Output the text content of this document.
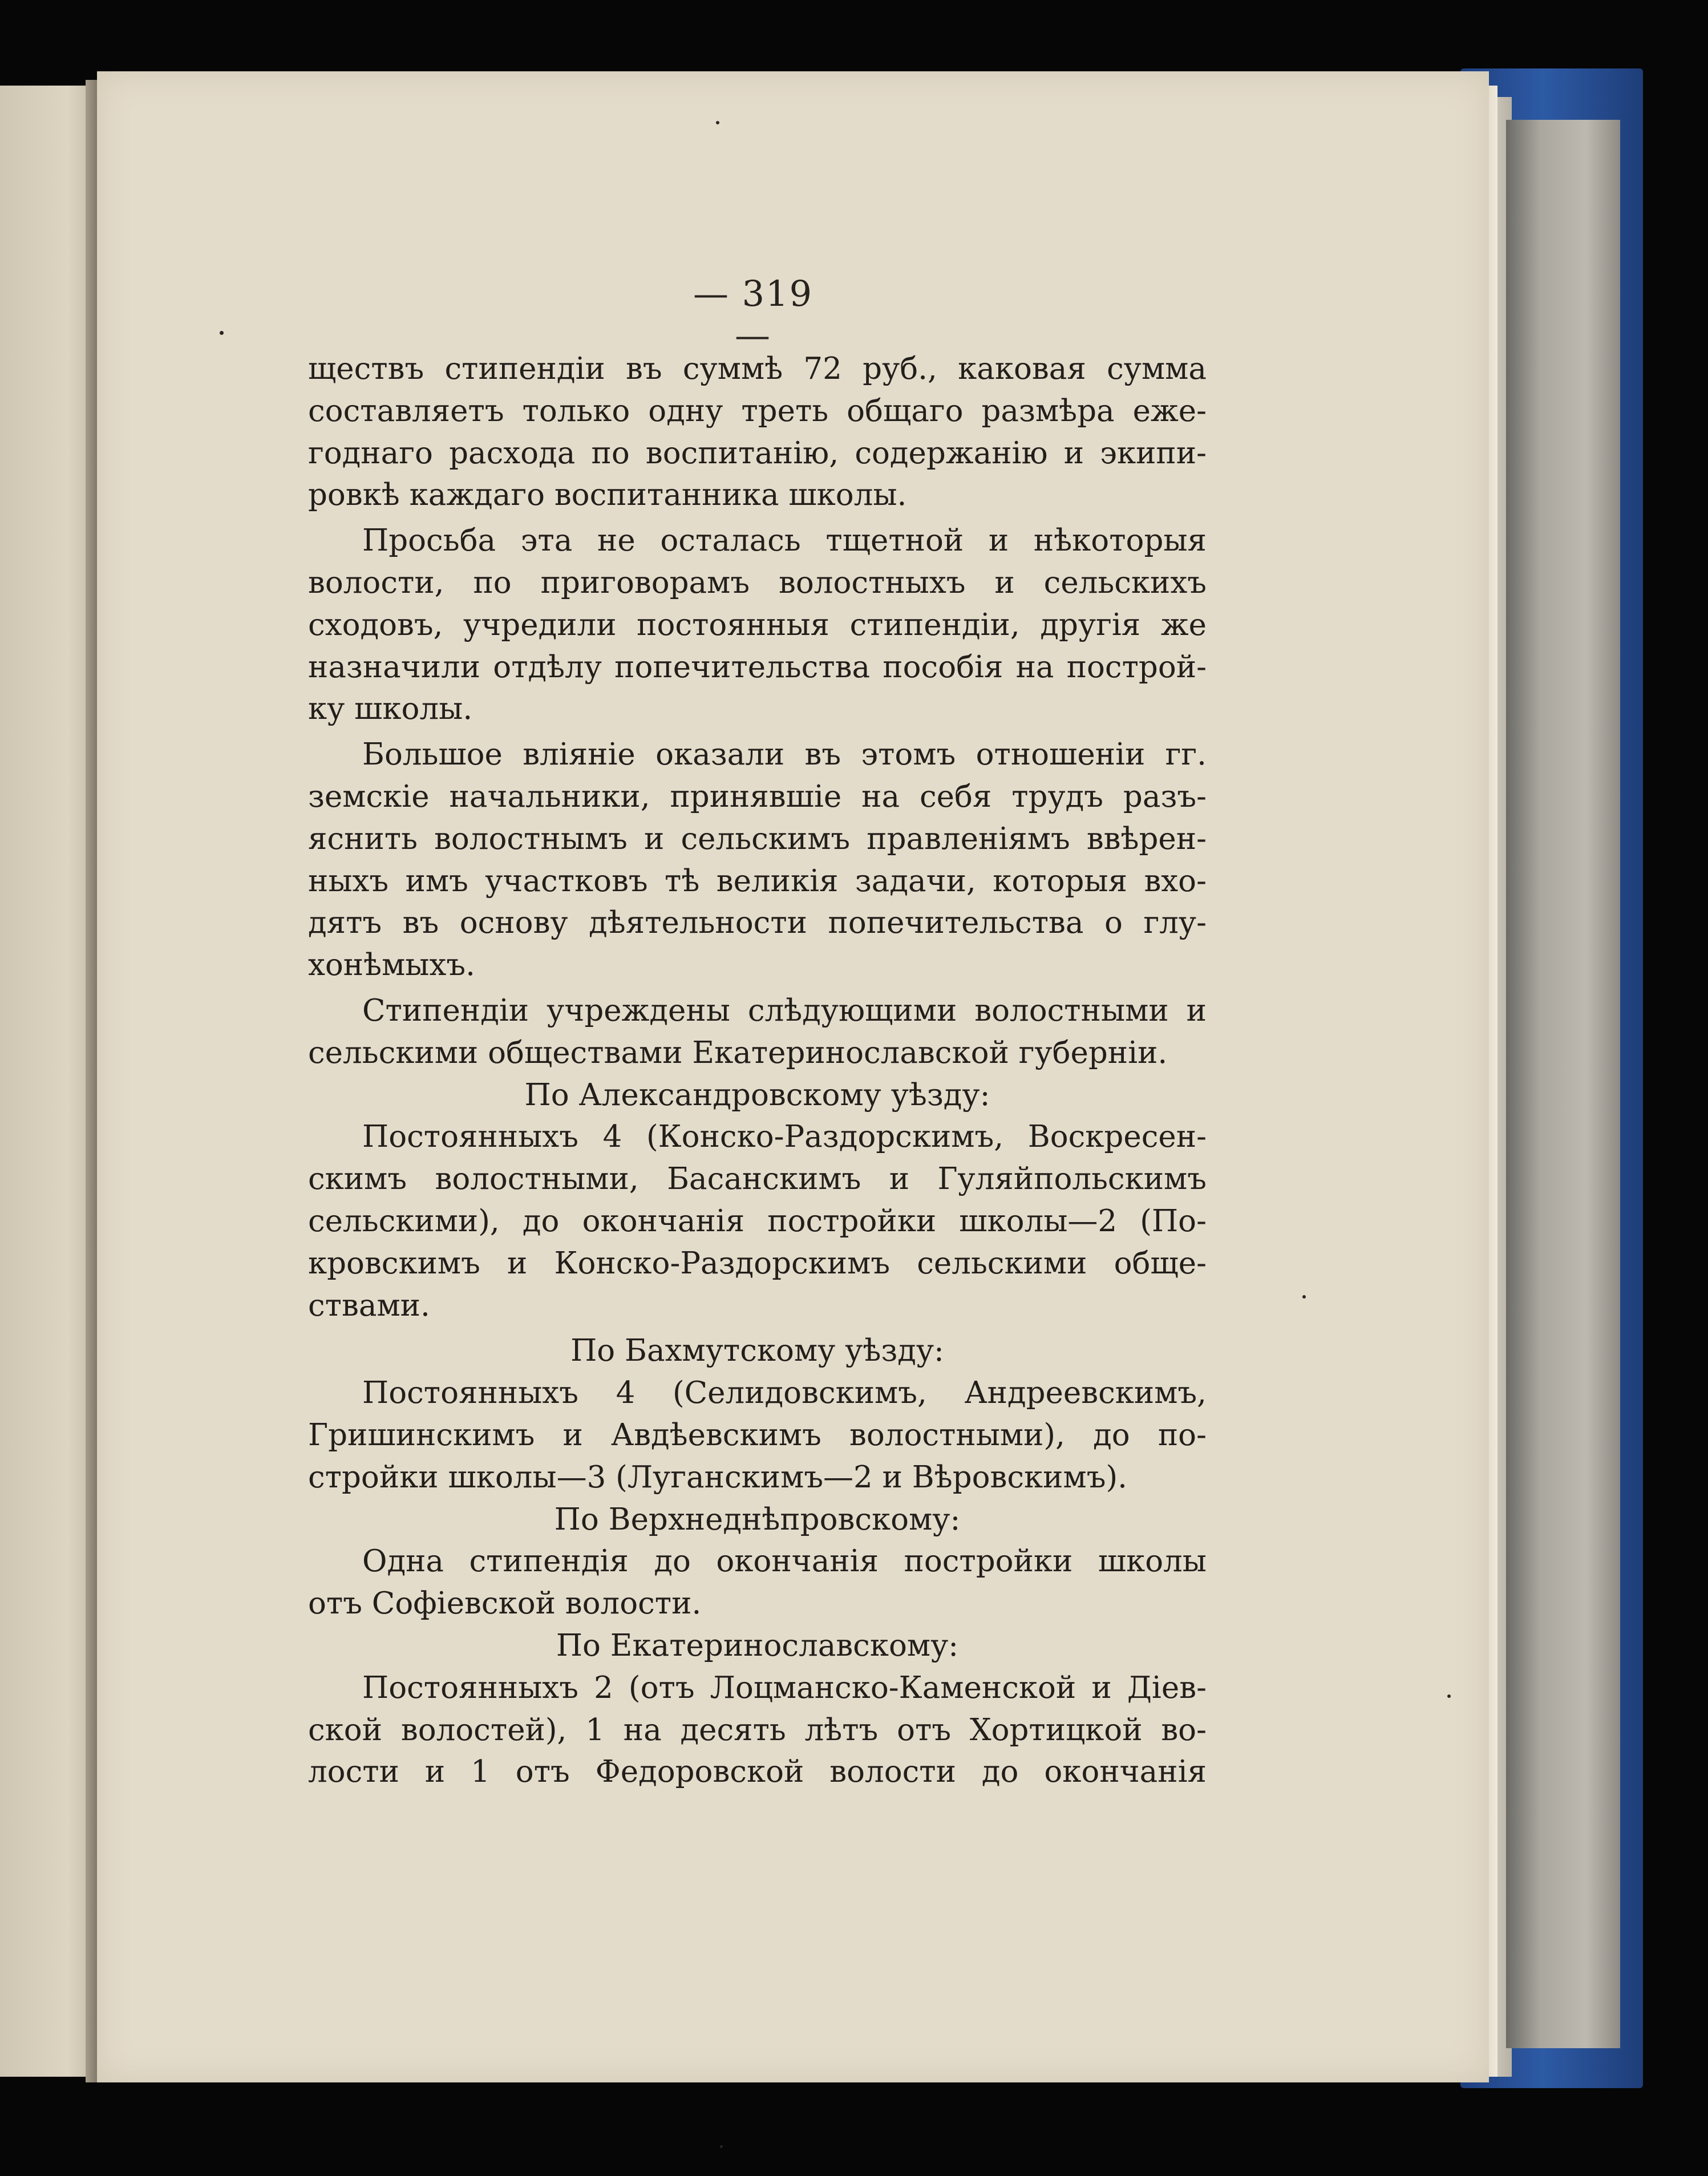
— 319 —
ществъ стипендіи въ суммѣ 72 руб., каковая сумма
составляетъ только одну треть общаго размѣра еже-
годнаго расхода по воспитанію, содержанію и экипи-
ровкѣ каждаго воспитанника школы.
Просьба эта не осталась тщетной и нѣкоторыя
волости, по приговорамъ волостныхъ и сельскихъ
сходовъ, учредили постоянныя стипендіи, другія же
назначили отдѣлу попечительства пособія на построй-
ку школы.
Большое вліяніе оказали въ этомъ отношеніи гг.
земскіе начальники, принявшіе на себя трудъ разъ-
яснить волостнымъ и сельскимъ правленіямъ ввѣрен-
ныхъ имъ участковъ тѣ великія задачи, которыя вхо-
дятъ въ основу дѣятельности попечительства о глу-
хонѣмыхъ.
Стипендіи учреждены слѣдующими волостными и
сельскими обществами Екатеринославской губерніи.
По Александровскому уѣзду:
Постоянныхъ 4 (Конско-Раздорскимъ, Воскресен-
скимъ волостными, Басанскимъ и Гуляйпольскимъ
сельскими), до окончанія постройки школы—2 (По-
кровскимъ и Конско-Раздорскимъ сельскими обще-
ствами.
По Бахмутскому уѣзду:
Постоянныхъ 4 (Селидовскимъ, Андреевскимъ,
Гришинскимъ и Авдѣевскимъ волостными), до по-
стройки школы—3 (Луганскимъ—2 и Вѣровскимъ).
По Верхнеднѣпровскому:
Одна стипендія до окончанія постройки школы
отъ Софіевской волости.
По Екатеринославскому:
Постоянныхъ 2 (отъ Лоцманско-Каменской и Діев-
ской волостей), 1 на десять лѣтъ отъ Хортицкой во-
лости и 1 отъ Федоровской волости до окончанія
